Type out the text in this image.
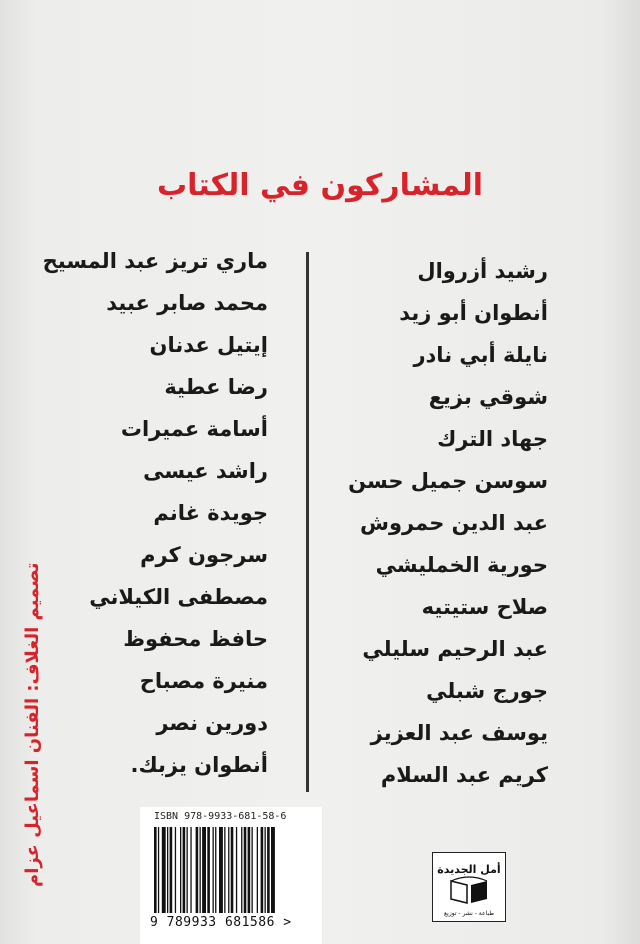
المشاركون في الكتاب
رشيد أزروال
أنطوان أبو زيد
نايلة أبي نادر
شوقي بزيع
جهاد الترك
سوسن جميل حسن
عبد الدين حمروش
حورية الخمليشي
صلاح ستيتيه
عبد الرحيم سليلي
جورج شبلي
يوسف عبد العزيز
كريم عبد السلام
ماري تريز عبد المسيح
محمد صابر عبيد
إيتيل عدنان
رضا عطية
أسامة عميرات
راشد عيسى
جويدة غانم
سرجون كرم
مصطفى الكيلاني
حافظ محفوظ
منيرة مصباح
دورين نصر
أنطوان يزبك.
تصميم الغلاف: الفنان اسماعيل عزام	ISBN 978-9933-681-58-6
9 789933 681586 >
أمل الجديدة
طباعة - نشر - توزيع
